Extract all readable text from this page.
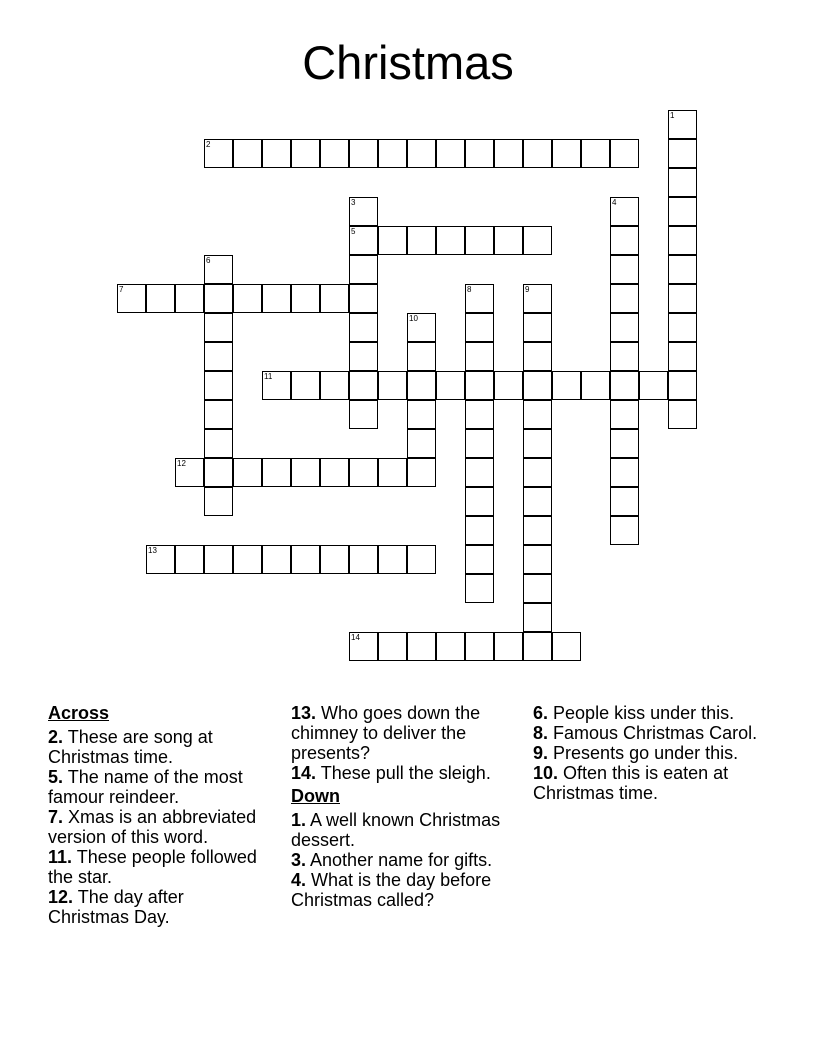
Christmas
1
2
3
5
4
6
7	8	9
10
11
12
13
14
Across

2. These are song at Christmas time.

5. The name of the most famour reindeer.

7. Xmas is an abbreviated version of this word.

11. These people followed the star.

12. The day after Christmas Day.

13. Who goes down the chimney to deliver the presents?

14. These pull the sleigh.

Down

1. A well known Christmas dessert.

3. Another name for gifts.

4. What is the day before Christmas called?

6. People kiss under this.

8. Famous Christmas Carol.

9. Presents go under this.

10. Often this is eaten at Christmas time.
